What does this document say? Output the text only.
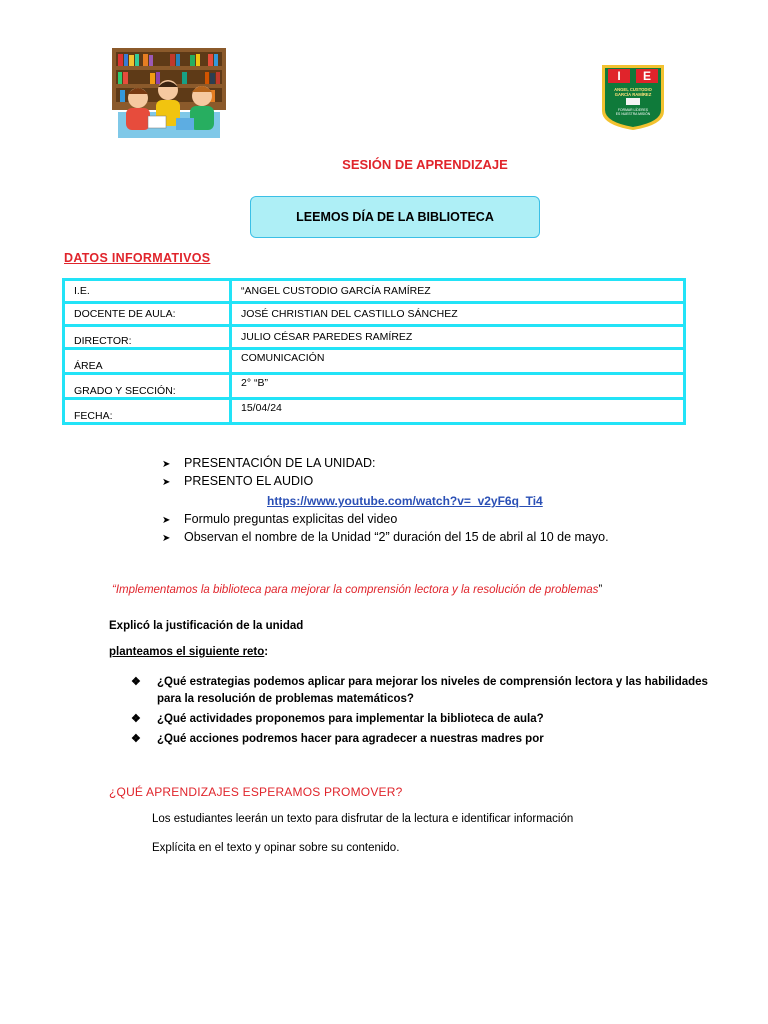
I E
ANGEL CUSTODIO
GARCÍA RAMÍREZ
FORMAR LÍDERES
ES NUESTRA MISIÓN
SESIÓN DE APRENDIZAJE
LEEMOS DÍA DE LA BIBLIOTECA
DATOS INFORMATIVOS
I.E.	“ANGEL CUSTODIO GARCÍA RAMÍREZ
DOCENTE DE AULA:	JOSÉ CHRISTIAN DEL CASTILLO SÁNCHEZ
DIRECTOR:	JULIO CÉSAR PAREDES RAMÍREZ
ÁREA	COMUNICACIÓN
GRADO Y SECCIÓN:	2° “B”
FECHA:	15/04/24
➤	PRESENTACIÓN DE LA UNIDAD:
➤	PRESENTO EL AUDIO
https://www.youtube.com/watch?v=_v2yF6q_Ti4
➤	Formulo preguntas explicitas del video
➤	Observan el nombre de la Unidad “2” duración del 15 de abril al 10 de mayo.
“Implementamos la biblioteca para mejorar la comprensión lectora y la resolución de problemas”
Explicó la justificación de la unidad
planteamos el siguiente reto:
❖	¿Qué estrategias podemos aplicar para mejorar los niveles de comprensión lectora y las habilidades para la resolución de problemas matemáticos?
❖	¿Qué actividades proponemos para implementar la biblioteca de aula?
❖	¿Qué acciones podremos hacer para agradecer a nuestras madres por
¿QUÉ APRENDIZAJES ESPERAMOS PROMOVER?
Los estudiantes leerán un texto para disfrutar de la lectura e identificar información
Explícita en el texto y opinar sobre su contenido.
